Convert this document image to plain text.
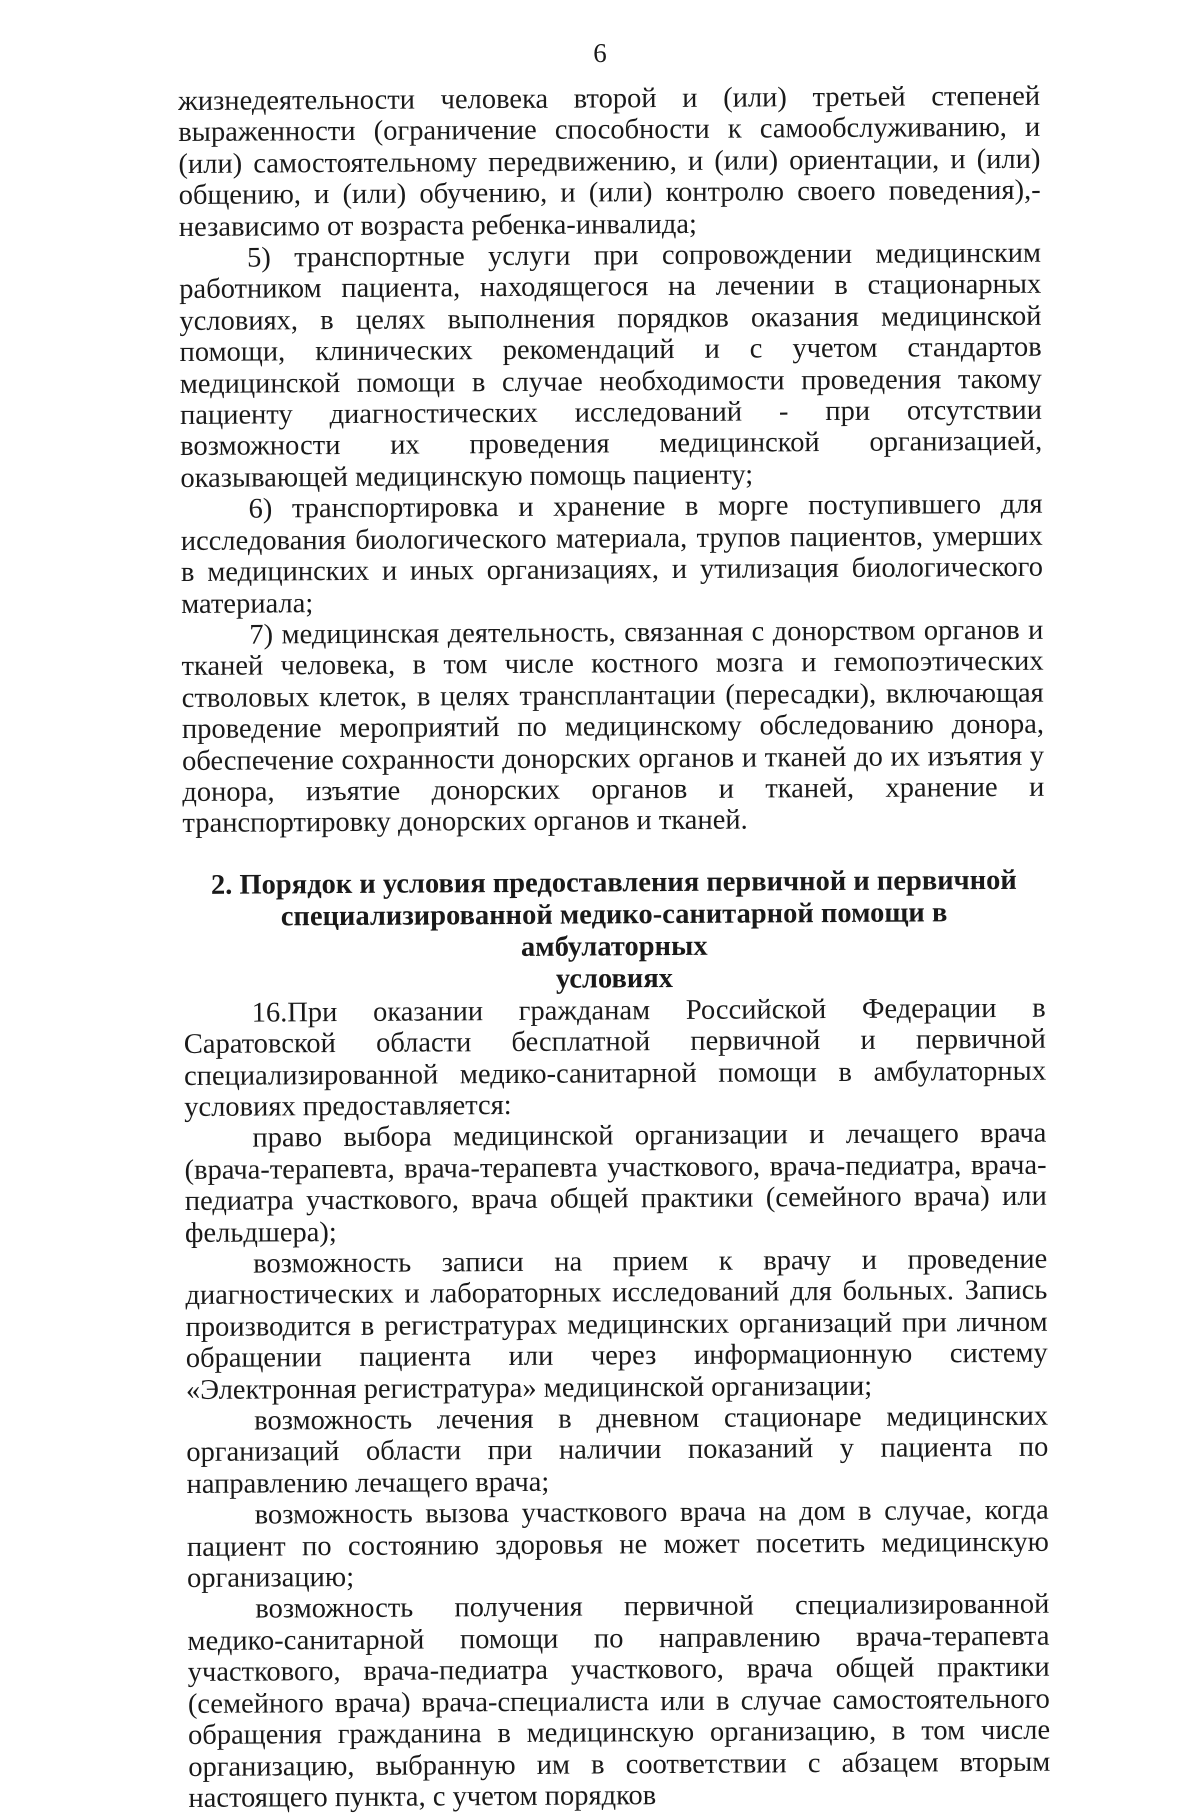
6

жизнедеятельности человека второй и (или) третьей степеней выраженности (ограничение способности к самообслуживанию, и (или) самостоятельному передвижению, и (или) ориентации, и (или) общению, и (или) обучению, и (или) контролю своего поведения),- независимо от возраста ребенка-инвалида;

5) транспортные услуги при сопровождении медицинским работником пациента, находящегося на лечении в стационарных условиях, в целях выполнения порядков оказания медицинской помощи, клинических рекомендаций и с учетом стандартов медицинской помощи в случае необходимости проведения такому пациенту диагностических исследований - при отсутствии возможности их проведения медицинской организацией, оказывающей медицинскую помощь пациенту;

6) транспортировка и хранение в морге поступившего для исследования биологического материала, трупов пациентов, умерших в медицинских и иных организациях, и утилизация биологического материала;

7) медицинская деятельность, связанная с донорством органов и тканей человека, в том числе костного мозга и гемопоэтических стволовых клеток, в целях трансплантации (пересадки), включающая проведение мероприятий по медицинскому обследованию донора, обеспечение сохранности донорских органов и тканей до их изъятия у донора, изъятие донорских органов и тканей, хранение и транспортировку донорских органов и тканей.

2. Порядок и условия предоставления первичной и первичной
специализированной медико-санитарной помощи в амбулаторных
условиях

16.При оказании гражданам Российской Федерации в Саратовской области бесплатной первичной и первичной специализированной медико-санитарной помощи в амбулаторных условиях предоставляется:

право выбора медицинской организации и лечащего врача (врача-терапевта, врача-терапевта участкового, врача-педиатра, врача-педиатра участкового, врача общей практики (семейного врача) или фельдшера);

возможность записи на прием к врачу и проведение диагностических и лабораторных исследований для больных. Запись производится в регистратурах медицинских организаций при личном обращении пациента или через информационную систему «Электронная регистратура» медицинской организации;

возможность лечения в дневном стационаре медицинских организаций области при наличии показаний у пациента по направлению лечащего врача;

возможность вызова участкового врача на дом в случае, когда пациент по состоянию здоровья не может посетить медицинскую организацию;

возможность получения первичной специализированной медико-санитарной помощи по направлению врача-терапевта участкового, врача-педиатра участкового, врача общей практики (семейного врача) врача-специалиста или в случае самостоятельного обращения гражданина в медицинскую организацию, в том числе организацию, выбранную им в соответствии с абзацем вторым настоящего пункта, с учетом порядков
